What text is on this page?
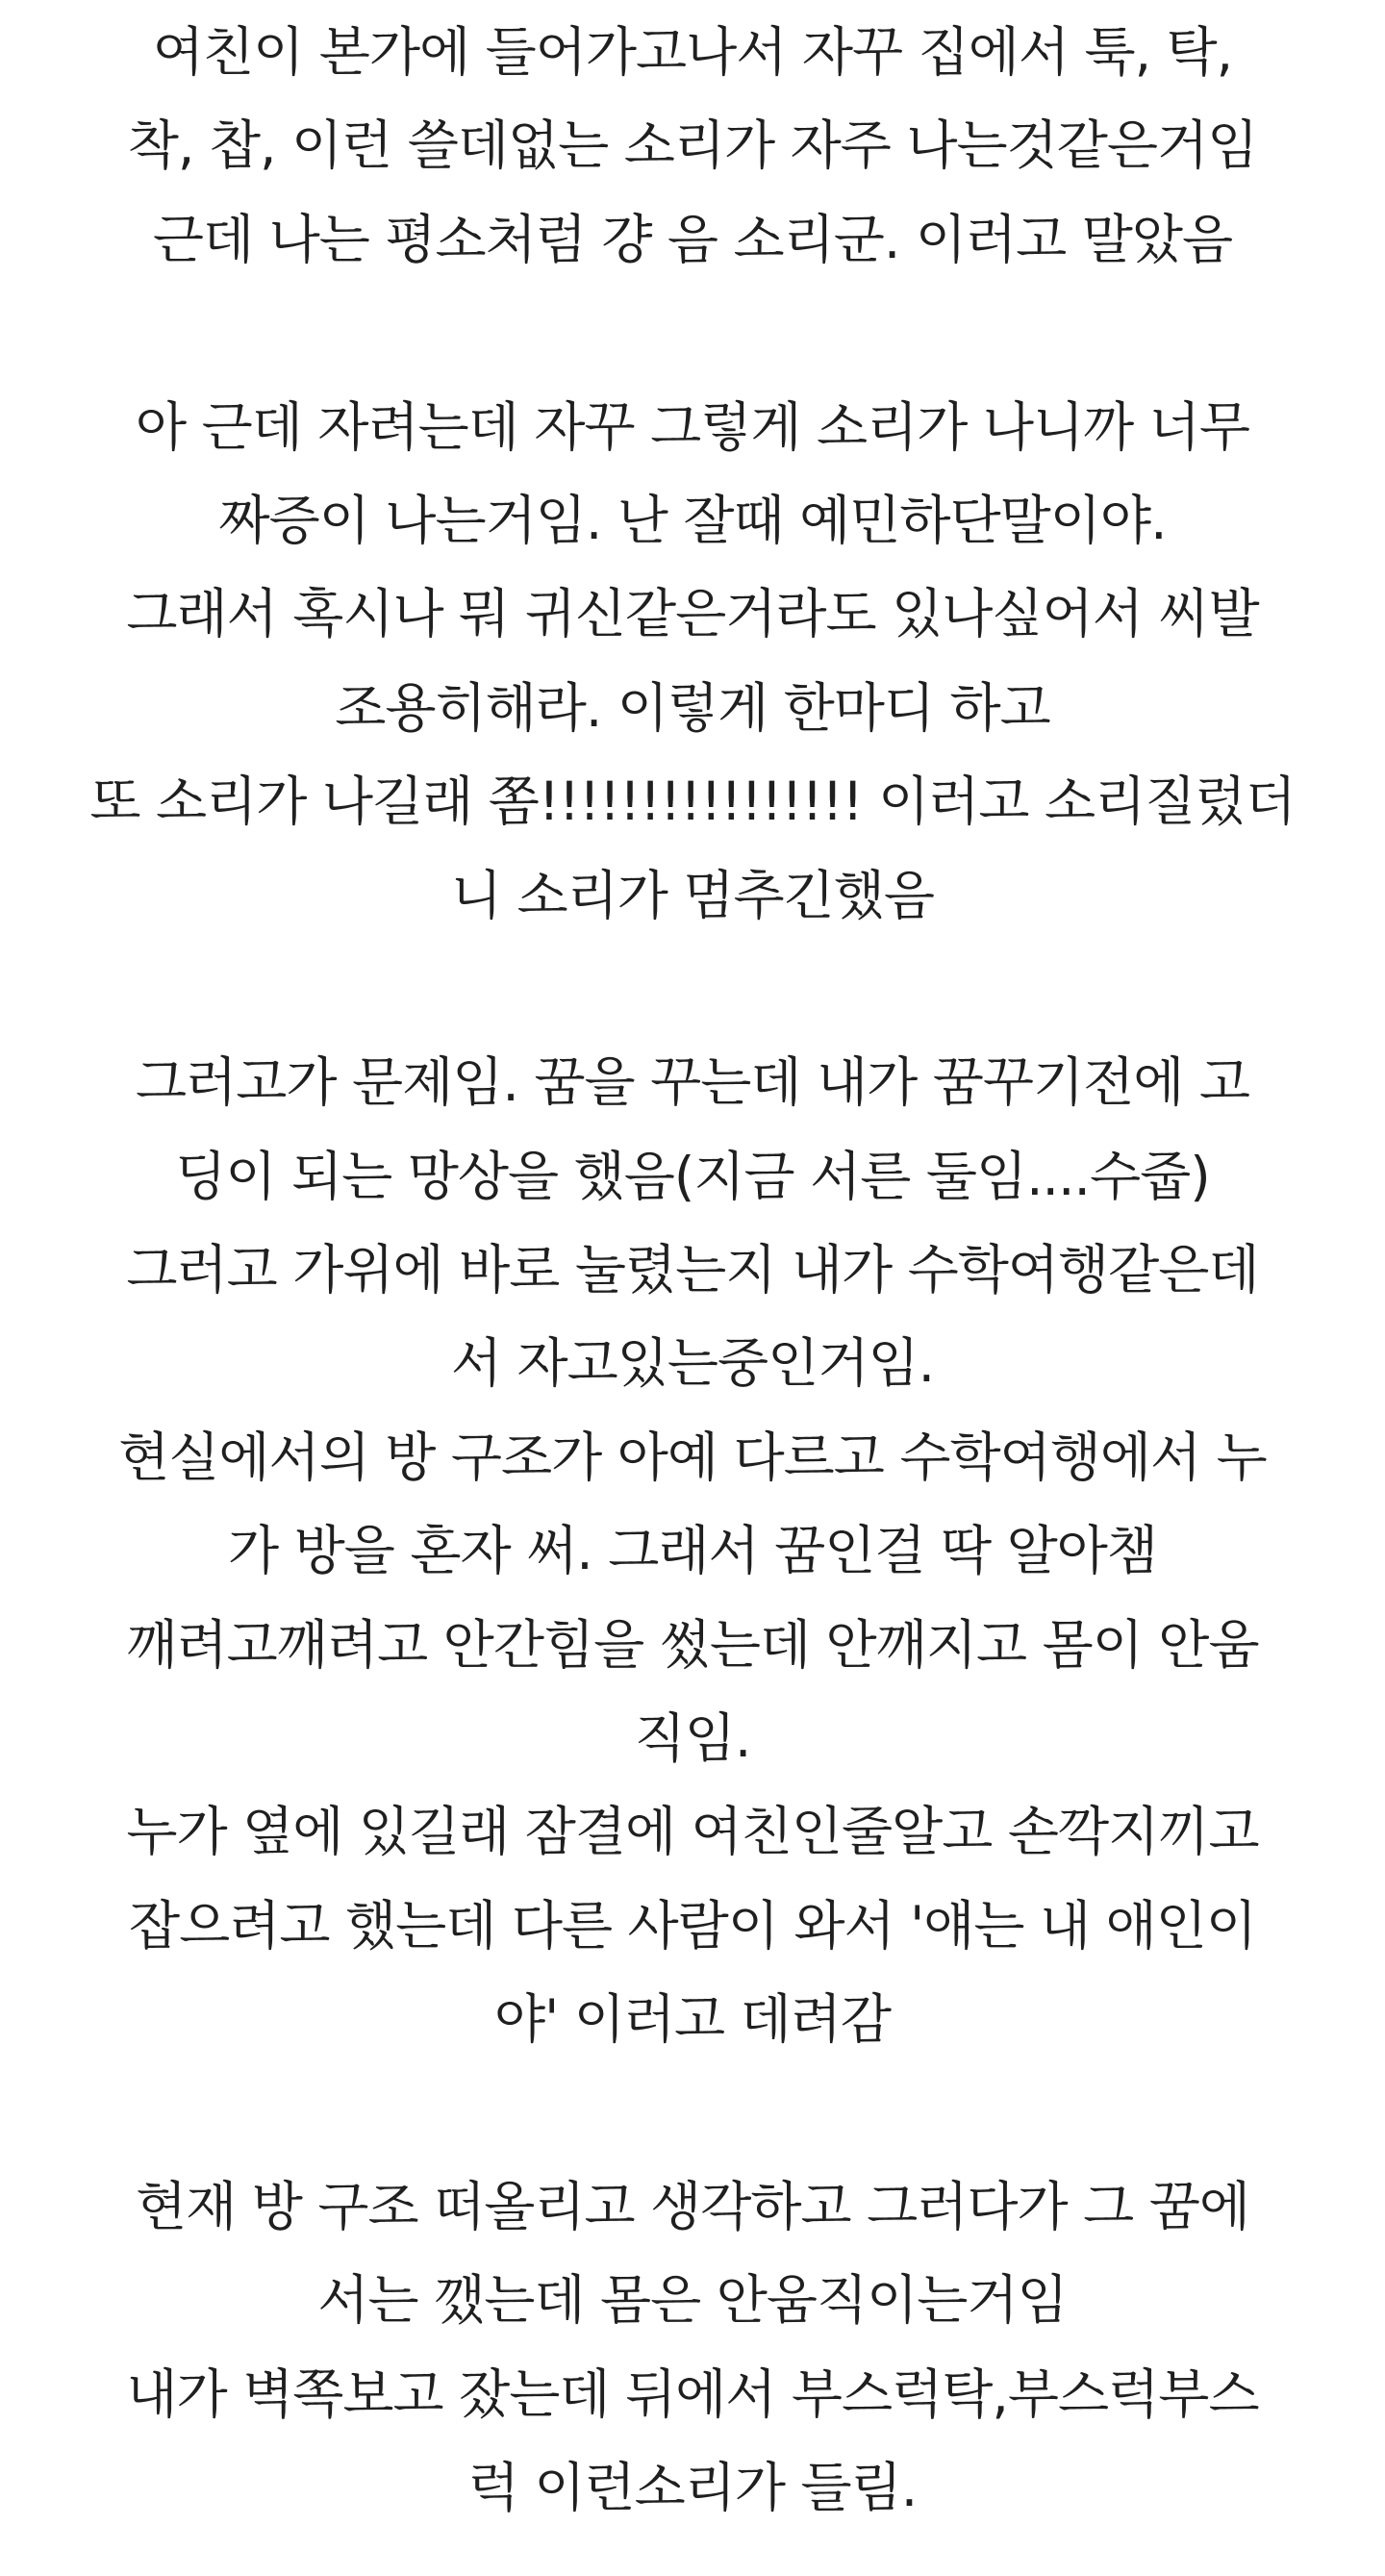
여친이 본가에 들어가고나서 자꾸 집에서 툭, 탁,
착, 찹, 이런 쓸데없는 소리가 자주 나는것같은거임
근데 나는 평소처럼 걍 음 소리군. 이러고 말았음
아 근데 자려는데 자꾸 그렇게 소리가 나니까 너무
짜증이 나는거임. 난 잘때 예민하단말이야.
그래서 혹시나 뭐 귀신같은거라도 있나싶어서 씨발
조용히해라. 이렇게 한마디 하고
또 소리가 나길래 쫌!!!!!!!!!!!!!!!! 이러고 소리질렀더
니 소리가 멈추긴했음
그러고가 문제임. 꿈을 꾸는데 내가 꿈꾸기전에 고
딩이 되는 망상을 했음(지금 서른 둘임....수줍)
그러고 가위에 바로 눌렸는지 내가 수학여행같은데
서 자고있는중인거임.
현실에서의 방 구조가 아예 다르고 수학여행에서 누
가 방을 혼자 써. 그래서 꿈인걸 딱 알아챔
깨려고깨려고 안간힘을 썼는데 안깨지고 몸이 안움
직임.
누가 옆에 있길래 잠결에 여친인줄알고 손깍지끼고
잡으려고 했는데 다른 사람이 와서 '얘는 내 애인이
야' 이러고 데려감
현재 방 구조 떠올리고 생각하고 그러다가 그 꿈에
서는 깼는데 몸은 안움직이는거임
내가 벽쪽보고 잤는데 뒤에서 부스럭탁,부스럭부스
럭 이런소리가 들림.
